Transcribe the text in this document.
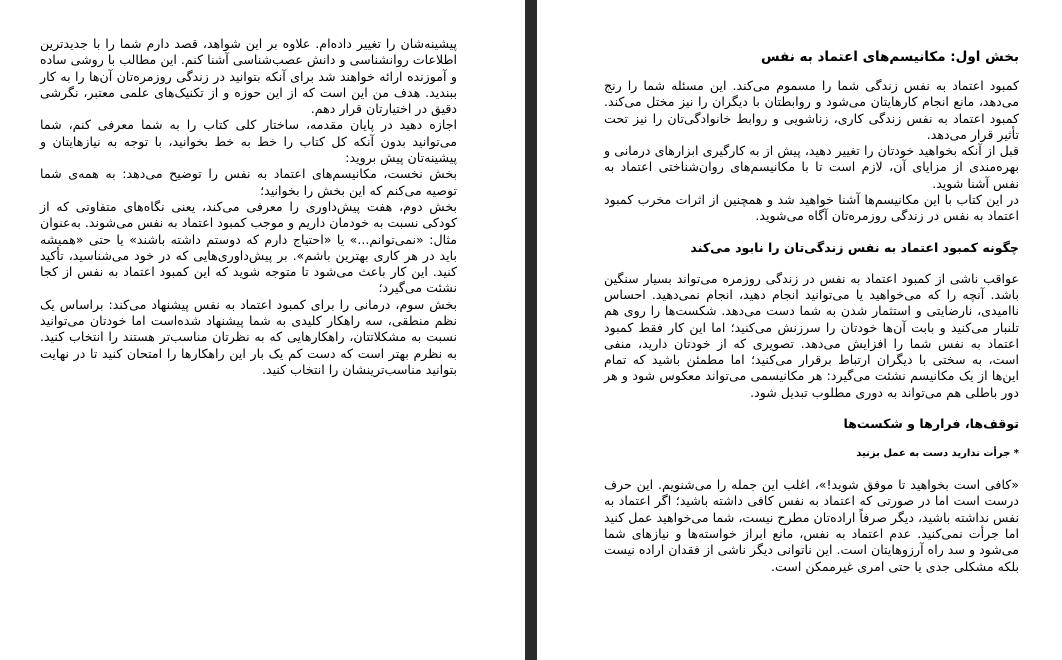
پیشینه‌شان را تغییر داده‌ام. علاوه بر این شواهد، قصد دارم شما را با جدیدترین اطلاعات روانشناسی و دانش عصب‌شناسی آشنا کنم. این مطالب با روشی ساده و آموزنده ارائه خواهند شد برای آنکه بتوانید در زندگی روزمره‌تان آن‌ها را به کار ببندید. هدف من این است که از این حوزه و از تکنیک‌های علمی معتبر، نگرشی دقیق در اختیارتان قرار دهم.

اجازه دهید در پایان مقدمه، ساختار کلی کتاب را به شما معرفی کنم، شما می‌توانید بدون آنکه کل کتاب را خط به خط بخوانید، با توجه به نیازهایتان و پیشینه‌تان پیش بروید:

بخش نخست، مکانیسم‌های اعتماد به نفس را توضیح می‌دهد: به همه‌ی شما توصیه می‌کنم که این بخش را بخوانید؛

بخش دوم، هفت پیش‌داوری را معرفی می‌کند، یعنی نگاه‌های متفاوتی که از کودکی نسبت به خودمان داریم و موجب کمبود اعتماد به نفس می‌شوند. به‌عنوان مثال: «نمی‌توانم...» یا «احتیاج دارم که دوستم داشته باشند» یا حتی «همیشه باید در هر کاری بهترین باشم». بر پیش‌داوری‌هایی که در خود می‌شناسید، تأکید کنید. این کار باعث می‌شود تا متوجه شوید که این کمبود اعتماد به نفس از کجا نشئت می‌گیرد؛

بخش سوم، درمانی را برای کمبود اعتماد به نفس پیشنهاد می‌کند: براساس یک نظم منطقی، سه راهکار کلیدی به شما پیشنهاد شده‌است اما خودتان می‌توانید نسبت به مشکلاتتان، راهکارهایی که به نظرتان مناسب‌تر هستند را انتخاب کنید. به نظرم بهتر است که دست کم یک بار این راهکارها را امتحان کنید تا در نهایت بتوانید مناسب‌ترینشان را انتخاب کنید.

بخش اول: مکانیسم‌های اعتماد به نفس

کمبود اعتماد به نفس زندگی شما را مسموم می‌کند. این مسئله شما را رنج می‌دهد، مانع انجام کارهایتان می‌شود و روابطتان با دیگران را نیز مختل می‌کند. کمبود اعتماد به نفس زندگی کاری، زناشویی و روابط خانوادگی‌تان را نیز تحت تأثیر قرار می‌دهد.

قبل از آنکه بخواهید خودتان را تغییر دهید، پیش از به کارگیری ابزارهای درمانی و بهره‌مندی از مزایای آن، لازم است تا با مکانیسم‌های روان‌شناختی اعتماد به نفس آشنا شوید.

در این کتاب با این مکانیسم‌ها آشنا خواهید شد و همچنین از اثرات مخرب کمبود اعتماد به نفس در زندگی روزمره‌تان آگاه می‌شوید.

چگونه کمبود اعتماد به نفس زندگی‌تان را نابود می‌کند

عواقب ناشی از کمبود اعتماد به نفس در زندگی روزمره می‌تواند بسیار سنگین باشد. آنچه را که می‌خواهید یا می‌توانید انجام دهید، انجام نمی‌دهید. احساس ناامیدی، نارضایتی و استثمار شدن به شما دست می‌دهد. شکست‌ها را روی هم تلنبار می‌کنید و بابت آن‌ها خودتان را سرزنش می‌کنید؛ اما این کار فقط کمبود اعتماد به نفس شما را افزایش می‌دهد. تصویری که از خودتان دارید، منفی است، به سختی با دیگران ارتباط برقرار می‌کنید؛ اما مطمئن باشید که تمام این‌ها از یک مکانیسم نشئت می‌گیرد: هر مکانیسمی می‌تواند معکوس شود و هر دور باطلی هم می‌تواند به دوری مطلوب تبدیل شود.

توقف‌ها، فرارها و شکست‌ها

* جرأت ندارید دست به عمل بزنید

«کافی است بخواهید تا موفق شوید!»، اغلب این جمله را می‌شنویم. این حرف درست است اما در صورتی که اعتماد به نفس کافی داشته باشید؛ اگر اعتماد به نفس نداشته باشید، دیگر صرفاً اراده‌تان مطرح نیست، شما می‌خواهید عمل کنید اما جرأت نمی‌کنید. عدم اعتماد به نفس، مانع ابراز خواسته‌ها و نیازهای شما می‌شود و سد راه آرزوهایتان است. این ناتوانی دیگر ناشی از فقدان اراده نیست بلکه مشکلی جدی یا حتی امری غیرممکن است.
